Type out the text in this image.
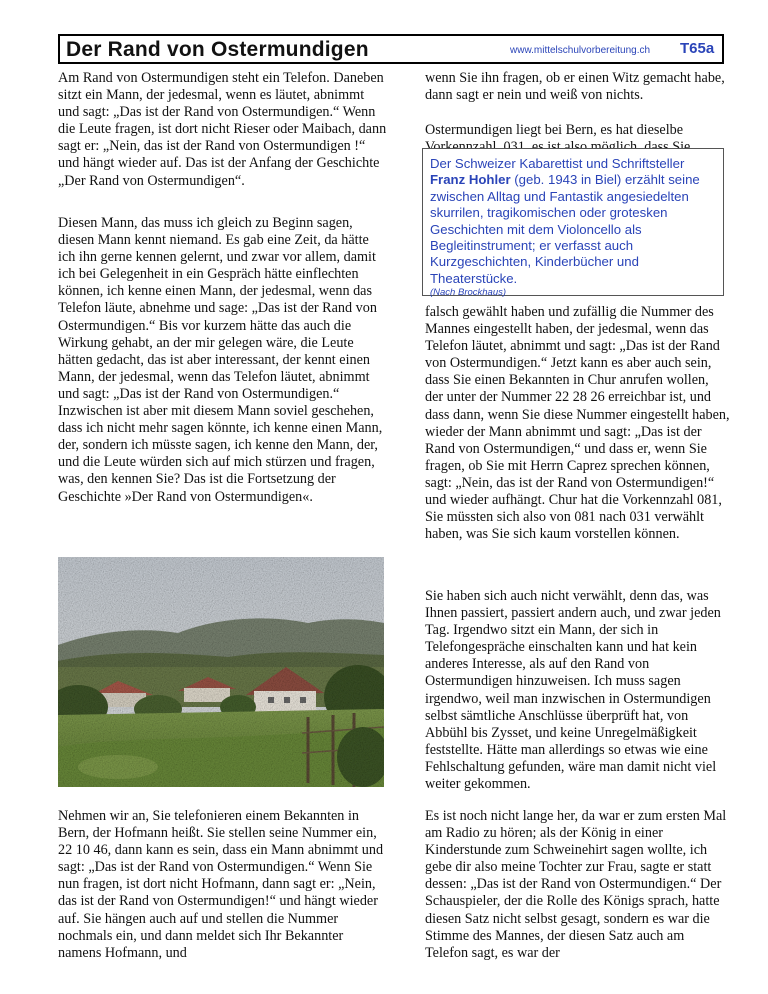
Der Rand von Ostermundigen	www.mittelschulvorbereitung.ch T65a

Am Rand von Ostermundigen steht ein Telefon. Daneben sitzt ein Mann, der jedesmal, wenn es läutet, abnimmt und sagt: „Das ist der Rand von Ostermundigen.“ Wenn die Leute fragen, ist dort nicht Rieser oder Maibach, dann sagt er: „Nein, das ist der Rand von Ostermundigen !“ und hängt wieder auf. Das ist der Anfang der Geschichte „Der Rand von Ostermundigen“.

Diesen Mann, das muss ich gleich zu Beginn sagen, diesen Mann kennt niemand. Es gab eine Zeit, da hätte ich ihn gerne kennen gelernt, und zwar vor allem, damit ich bei Gelegenheit in ein Gespräch hätte einflechten können, ich kenne einen Mann, der jedesmal, wenn das Telefon läute, abnehme und sage: „Das ist der Rand von Ostermundigen.“ Bis vor kurzem hätte das auch die Wirkung gehabt, an der mir gelegen wäre, die Leute hätten gedacht, das ist aber interessant, der kennt einen Mann, der jedesmal, wenn das Telefon läutet, abnimmt und sagt: „Das ist der Rand von Ostermundigen.“ Inzwischen ist aber mit diesem Mann soviel geschehen, dass ich nicht mehr sagen könnte, ich kenne einen Mann, der, sondern ich müsste sagen, ich kenne den Mann, der, und die Leute würden sich auf mich stürzen und fragen, was, den kennen Sie? Das ist die Fortsetzung der Geschichte »Der Rand von Ostermundigen«.

Nehmen wir an, Sie telefonieren einem Bekannten in Bern, der Hofmann heißt. Sie stellen seine Nummer ein, 22 10 46, dann kann es sein, dass ein Mann abnimmt und sagt: „Das ist der Rand von Ostermundigen.“ Wenn Sie nun fragen, ist dort nicht Hofmann, dann sagt er: „Nein, das ist der Rand von Ostermundigen!“ und hängt wieder auf. Sie hängen auch auf und stellen die Nummer nochmals ein, und dann meldet sich Ihr Bekannter namens Hofmann, und

wenn Sie ihn fragen, ob er einen Witz gemacht habe, dann sagt er nein und weiß von nichts.

Ostermundigen liegt bei Bern, es hat dieselbe

Der Schweizer Kabarettist und Schriftsteller Franz Hohler (geb. 1943 in Biel) erzählt seine zwischen Alltag und Fantastik angesiedelten skurrilen, tragikomischen oder grotesken Geschichten mit dem Violoncello als Begleitinstrument; er verfasst auch Kurzgeschichten, Kinderbücher und Theaterstücke.
(Nach Brockhaus)

falsch gewählt haben und zufällig die Nummer des Mannes eingestellt haben, der jedesmal, wenn das Telefon läutet, abnimmt und sagt: „Das ist der Rand von Ostermundigen.“ Jetzt kann es aber auch sein, dass Sie einen Bekannten in Chur anrufen wollen, der unter der Nummer 22 28 26 erreichbar ist, und dass dann, wenn Sie diese Nummer eingestellt haben, wieder der Mann abnimmt und sagt: „Das ist der Rand von Ostermundigen,“ und dass er, wenn Sie fragen, ob Sie mit Herrn Caprez sprechen können, sagt: „Nein, das ist der Rand von Ostermundigen!“ und wieder aufhängt. Chur hat die Vorkennzahl 081, Sie müssten sich also von 081 nach 031 verwählt haben, was Sie sich kaum vorstellen können.

Sie haben sich auch nicht verwählt, denn das, was Ihnen passiert, passiert andern auch, und zwar jeden Tag. Irgendwo sitzt ein Mann, der sich in Telefongespräche einschalten kann und hat kein anderes Interesse, als auf den Rand von Ostermundigen hinzuweisen. Ich muss sagen irgendwo, weil man inzwischen in Ostermundigen selbst sämtliche Anschlüsse überprüft hat, von Abbühl bis Zysset, und keine Unregelmäßigkeit feststellte. Hätte man allerdings so etwas wie eine Fehlschaltung gefunden, wäre man damit nicht viel weiter gekommen.

Es ist noch nicht lange her, da war er zum ersten Mal am Radio zu hören; als der König in einer Kinderstunde zum Schweinehirt sagen wollte, ich gebe dir also meine Tochter zur Frau, sagte er statt dessen: „Das ist der Rand von Ostermundigen.“ Der Schauspieler, der die Rolle des Königs sprach, hatte diesen Satz nicht selbst gesagt, sondern es war die Stimme des Mannes, der diesen Satz auch am Telefon sagt, es war der
